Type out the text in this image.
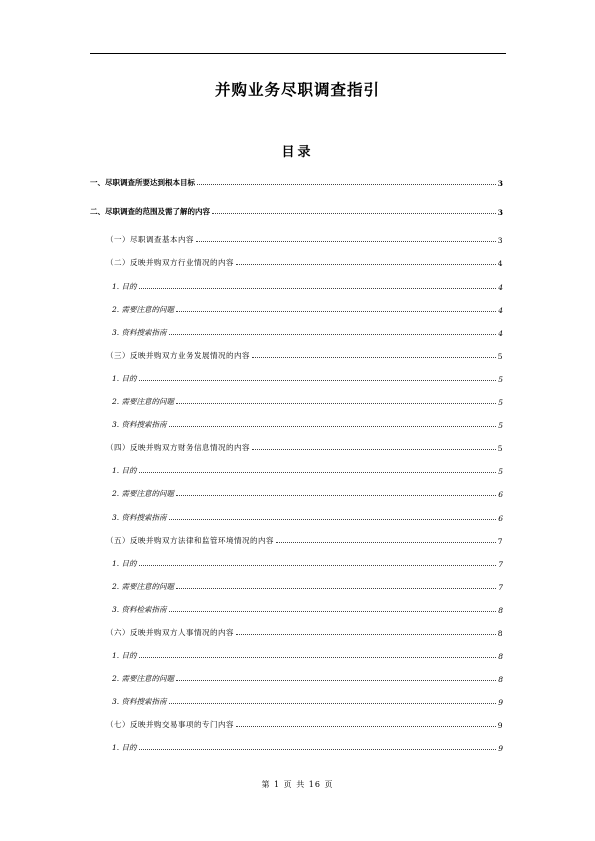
并购业务尽职调查指引
目录
一、尽职调查所要达到根本目标	3
二、尽职调查的范围及需了解的内容	3
（一）尽职调查基本内容	3
（二）反映并购双方行业情况的内容	4
1. 目的	4
2. 需要注意的问题	4
3. 资料搜索指南	4
（三）反映并购双方业务发展情况的内容	5
1. 目的	5
2. 需要注意的问题	5
3. 资料搜索指南	5
（四）反映并购双方财务信息情况的内容	5
1. 目的	5
2. 需要注意的问题	6
3. 资料搜索指南	6
（五）反映并购双方法律和监管环境情况的内容	7
1. 目的	7
2. 需要注意的问题	7
3. 资料检索指南	8
（六）反映并购双方人事情况的内容	8
1. 目的	8
2. 需要注意的问题	8
3. 资料搜索指南	9
（七）反映并购交易事项的专门内容	9
1. 目的	9
第 1 页 共 16 页
